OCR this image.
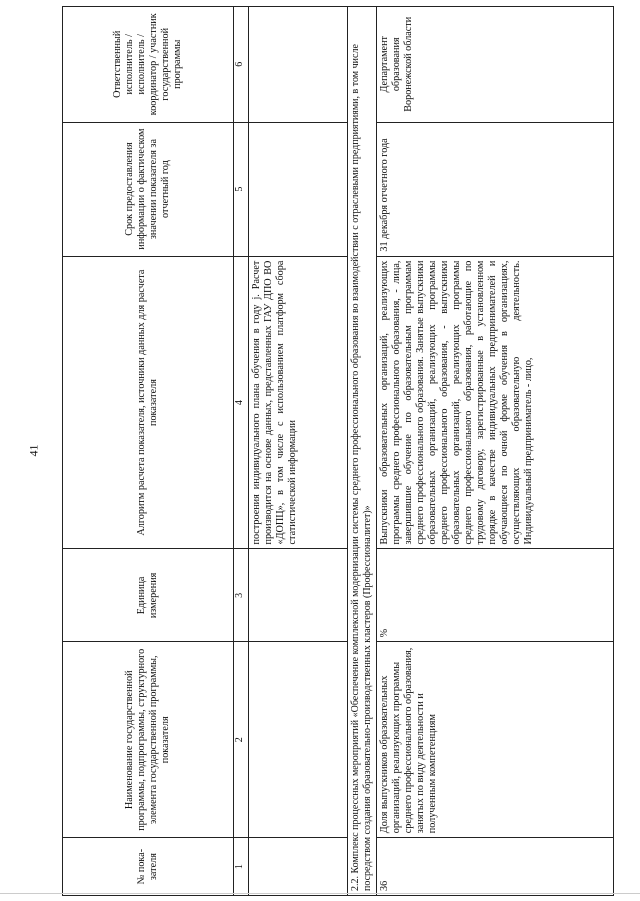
41
№ пока-зателя	Наименование государственной программы, подпрограммы, структурного элемента государственной программы, показателя	Единица измерения	Алгоритм расчета показателя, источники данных для расчета показателя	Срок предоставления информации о фактическом значении показателя за отчетный год	Ответственный исполнитель / исполнитель / координатор / участник государственной программы
1	2	3	4	5	6
			построения индивидуального плана обучения в году j. Расчет производится на основе данных, представленных ГАУ ДПО ВО «ДОПЦ», в том числе с использованием платформ сбора статистической информации		
2.2. Комплекс процессных мероприятий «Обеспечение комплексной модернизации системы среднего профессионального образования во взаимодействии с отраслевыми предприятиями, в том числе посредством создания образовательно-производственных кластеров (Профессионалитет)»					
36	Доля выпускников образовательных организаций, реализующих программы среднего профессионального образования, занятых по виду деятельности и полученным компетенциям	%	Выпускники образовательных организаций, реализующих программы среднего профессионального образования, - лица, завершившие обучение по образовательным программам среднего профессионального образования. Занятые выпускники образовательных организаций, реализующих программы среднего профессионального образования, - выпускники образовательных организаций, реализующих программы среднего профессионального образования, работающие по трудовому договору, зарегистрированные в установленном порядке в качестве индивидуальных предпринимателей и обучающиеся по очной форме обучения в организациях, осуществляющих образовательную деятельность. Индивидуальный предприниматель - лицо,	31 декабря отчетного года	Департамент образования Воронежской области
